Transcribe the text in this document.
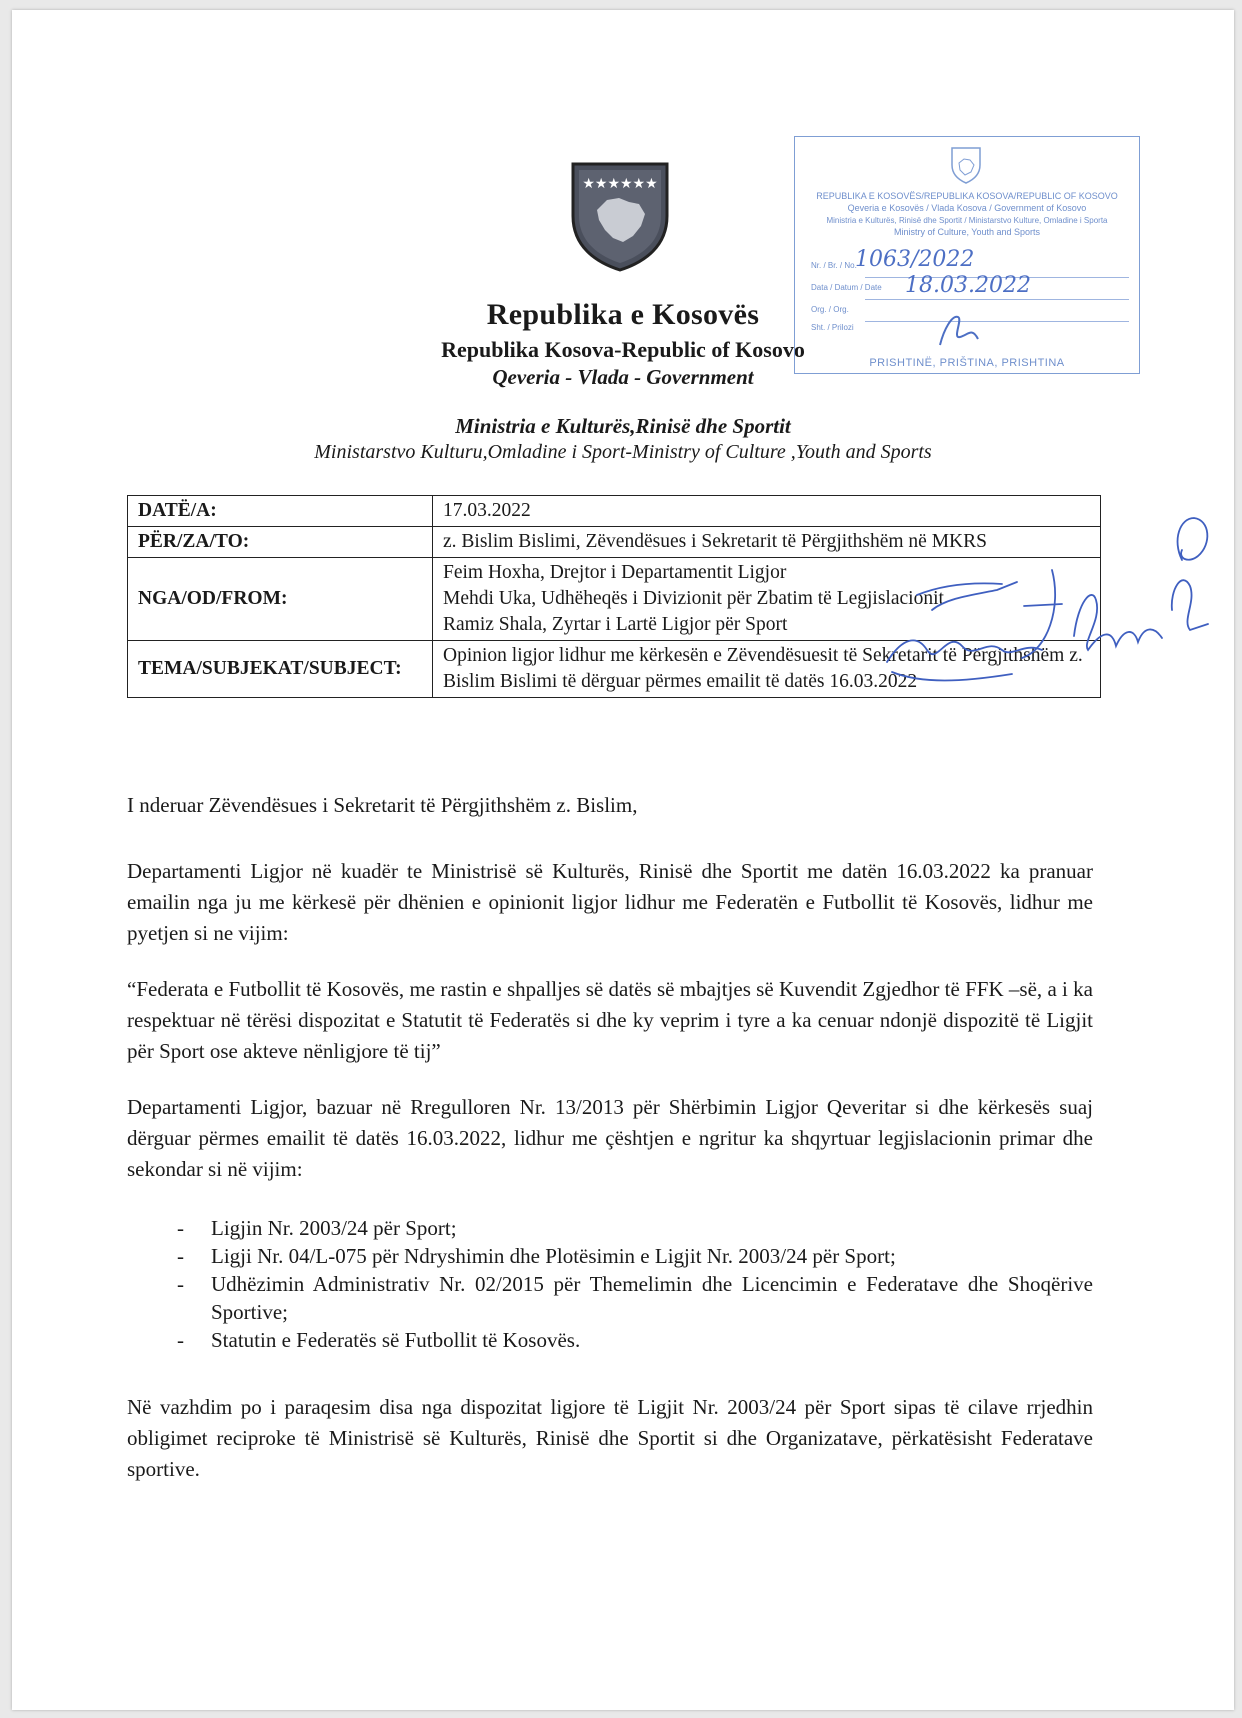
★★★★★★
Republika e Kosovës
Republika Kosova-Republic of Kosovo
Qeveria - Vlada - Government
Ministria e Kulturës,Rinisë dhe Sportit
Ministarstvo Kulturu,Omladine i Sport-Ministry of Culture ,Youth and Sports
REPUBLIKA E KOSOVËS/REPUBLIKA KOSOVA/REPUBLIC OF KOSOVO
Qeveria e Kosovës / Vlada Kosova / Government of Kosovo
Ministria e Kulturës, Rinisë dhe Sportit / Ministarstvo Kulture, Omladine i Sporta
Ministry of Culture, Youth and Sports
Nr. / Br. / No.
Data / Datum / Date
Org. / Org.
Sht. / Prilozi
1063/2022
18.03.2022
PRISHTINË, PRIŠTINA, PRISHTINA
DATË/A:	17.03.2022
PËR/ZA/TO:	z. Bislim Bislimi, Zëvendësues i Sekretarit të Përgjithshëm në MKRS
NGA/OD/FROM:	Feim Hoxha, Drejtor i Departamentit Ligjor
Mehdi Uka, Udhëheqës i Divizionit për Zbatim të Legjislacionit
Ramiz Shala, Zyrtar i Lartë Ligjor për Sport

TEMA/SUBJEKAT/SUBJECT:	Opinion ligjor lidhur me kërkesën e Zëvendësuesit të Sekretarit të Përgjithshëm z. Bislim Bislimi të dërguar përmes emailit të datës 16.03.2022
I nderuar Zëvendësues i Sekretarit të Përgjithshëm z. Bislim,
Departamenti Ligjor në kuadër te Ministrisë së Kulturës, Rinisë dhe Sportit me datën 16.03.2022 ka pranuar emailin nga ju me kërkesë për dhënien e opinionit ligjor lidhur me Federatën e Futbollit të Kosovës, lidhur me pyetjen si ne vijim:
“Federata e Futbollit të Kosovës, me rastin e shpalljes së datës së mbajtjes së Kuvendit Zgjedhor të FFK –së, a i ka respektuar në tërësi dispozitat e Statutit të Federatës si dhe ky veprim i tyre a ka cenuar ndonjë dispozitë të Ligjit për Sport ose akteve nënligjore të tij”
Departamenti Ligjor, bazuar në Rregulloren Nr. 13/2013 për Shërbimin Ligjor Qeveritar si dhe kërkesës suaj dërguar përmes emailit të datës 16.03.2022, lidhur me çështjen e ngritur ka shqyrtuar legjislacionin primar dhe sekondar si në vijim:
- Ligjin Nr. 2003/24 për Sport;
- Ligji Nr. 04/L-075 për Ndryshimin dhe Plotësimin e Ligjit Nr. 2003/24 për Sport;
- Udhëzimin Administrativ Nr. 02/2015 për Themelimin dhe Licencimin e Federatave dhe Shoqërive Sportive;
- Statutin e Federatës së Futbollit të Kosovës.
Në vazhdim po i paraqesim disa nga dispozitat ligjore të Ligjit Nr. 2003/24 për Sport sipas të cilave rrjedhin obligimet reciproke të Ministrisë së Kulturës, Rinisë dhe Sportit si dhe Organizatave, përkatësisht Federatave sportive.
